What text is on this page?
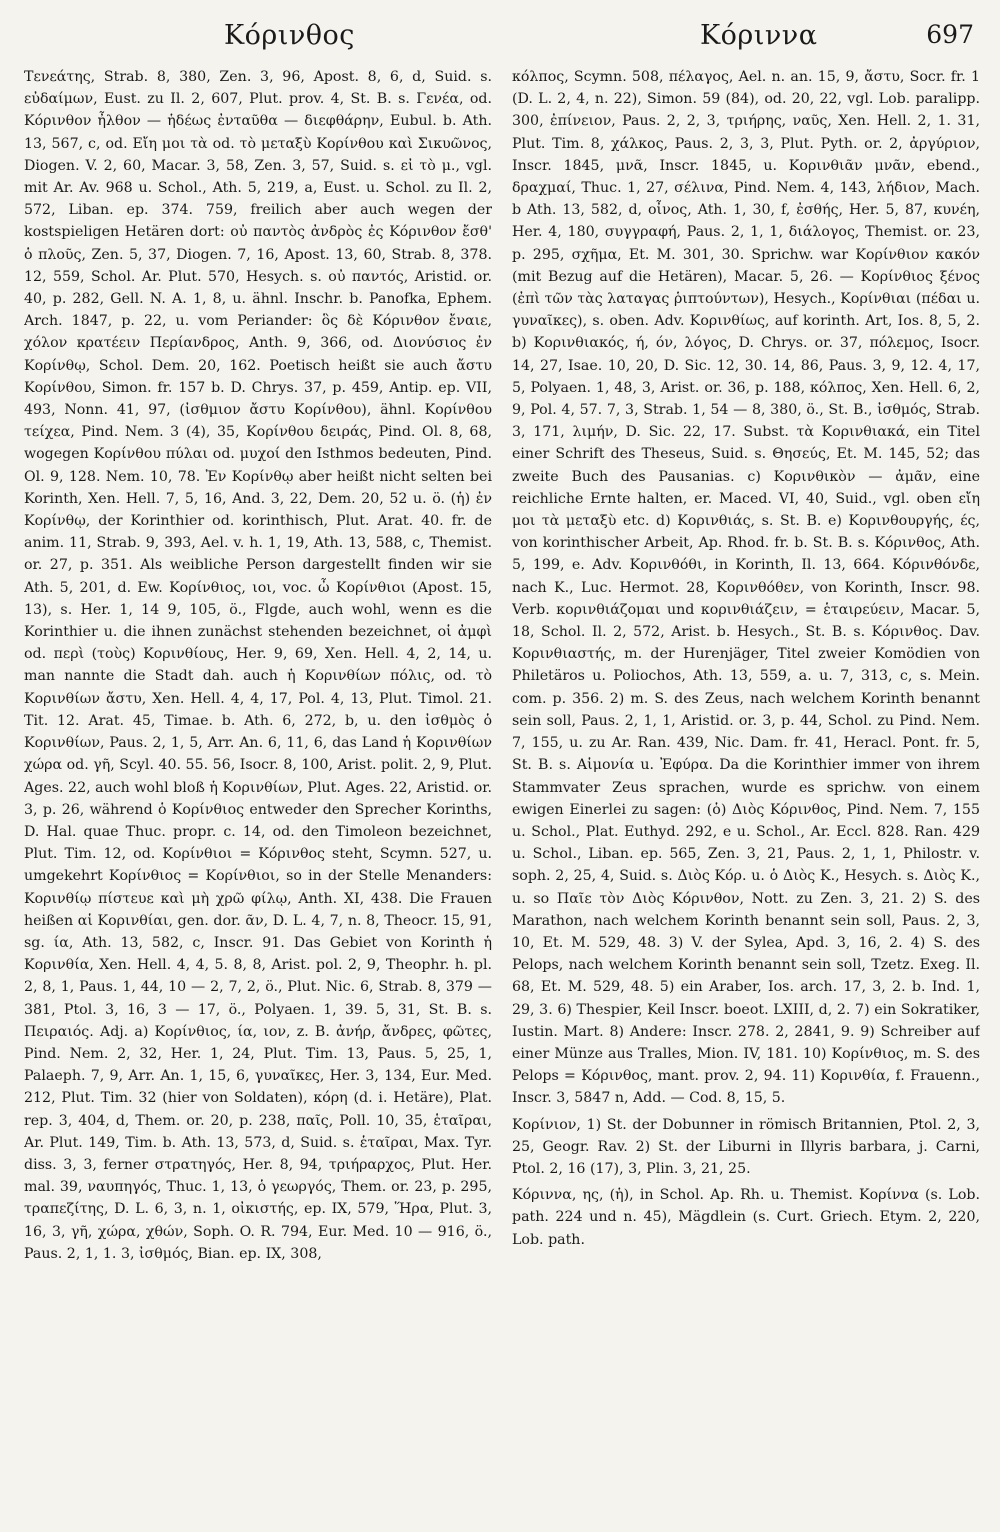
Κόρινθος	Κόριννα	697

Τενεάτης, Strab. 8, 380, Zen. 3, 96, Apost. 8, 6, d, Suid. s. εὐδαίμων, Eust. zu Il. 2, 607, Plut. prov. 4, St. B. s. Γενέα, od. Κόρινθον ἦλθον — ἡδέως ἐνταῦθα — διεφθάρην, Eubul. b. Ath. 13, 567, c, od. Εἴη μοι τὰ od. τὸ μεταξὺ Κορίνθου καὶ Σικυῶνος, Diogen. V. 2, 60, Macar. 3, 58, Zen. 3, 57, Suid. s. εἰ τὸ μ., vgl. mit Ar. Av. 968 u. Schol., Ath. 5, 219, a, Eust. u. Schol. zu Il. 2, 572, Liban. ep. 374. 759, freilich aber auch wegen der kostspieligen Hetären dort: οὐ παντὸς ἀνδρὸς ἐς Κόρινθον ἔσθ' ὁ πλοῦς, Zen. 5, 37, Diogen. 7, 16, Apost. 13, 60, Strab. 8, 378. 12, 559, Schol. Ar. Plut. 570, Hesych. s. οὐ παντός, Aristid. or. 40, p. 282, Gell. N. A. 1, 8, u. ähnl. Inschr. b. Panofka, Ephem. Arch. 1847, p. 22, u. vom Periander: ὃς δὲ Κόρινθον ἔναιε, χόλον κρατέειν Περίανδρος, Anth. 9, 366, od. Διονύσιος ἐν Κορίνθῳ, Schol. Dem. 20, 162. Poetisch heißt sie auch ἄστυ Κορίνθου, Simon. fr. 157 b. D. Chrys. 37, p. 459, Antip. ep. VII, 493, Nonn. 41, 97, (ἰσθμιον ἄστυ Κορίνθου), ähnl. Κορίνθου τείχεα, Pind. Nem. 3 (4), 35, Κορίνθου δειράς, Pind. Ol. 8, 68, wogegen Κορίνθου πύλαι od. μυχοί den Isthmos bedeuten, Pind. Ol. 9, 128. Nem. 10, 78. Ἐν Κορίνθῳ aber heißt nicht selten bei Korinth, Xen. Hell. 7, 5, 16, And. 3, 22, Dem. 20, 52 u. ö. (ἡ) ἐν Κορίνθῳ, der Korinthier od. korinthisch, Plut. Arat. 40. fr. de anim. 11, Strab. 9, 393, Ael. v. h. 1, 19, Ath. 13, 588, c, Themist. or. 27, p. 351. Als weibliche Person dargestellt finden wir sie Ath. 5, 201, d. Ew. Κορίνθιος, ιοι, voc. ὦ Κορίνθιοι (Apost. 15, 13), s. Her. 1, 14 9, 105, ö., Flgde, auch wohl, wenn es die Korinthier u. die ihnen zunächst stehenden bezeichnet, οἱ ἀμφὶ od. περὶ (τοὺς) Κορινθίους, Her. 9, 69, Xen. Hell. 4, 2, 14, u. man nannte die Stadt dah. auch ἡ Κορινθίων πόλις, od. τὸ Κορινθίων ἄστυ, Xen. Hell. 4, 4, 17, Pol. 4, 13, Plut. Timol. 21. Tit. 12. Arat. 45, Timae. b. Ath. 6, 272, b, u. den ἰσθμὸς ὁ Κορινθίων, Paus. 2, 1, 5, Arr. An. 6, 11, 6, das Land ἡ Κορινθίων χώρα od. γῆ, Scyl. 40. 55. 56, Isocr. 8, 100, Arist. polit. 2, 9, Plut. Ages. 22, auch wohl bloß ἡ Κορινθίων, Plut. Ages. 22, Aristid. or. 3, p. 26, während ὁ Κορίνθιος entweder den Sprecher Korinths, D. Hal. quae Thuc. propr. c. 14, od. den Timoleon bezeichnet, Plut. Tim. 12, od. Κορίνθιοι = Κόρινθος steht, Scymn. 527, u. umgekehrt Κορίνθιος = Κορίνθιοι, so in der Stelle Menanders: Κορινθίῳ πίστευε καὶ μὴ χρῶ φίλῳ, Anth. XI, 438. Die Frauen heißen αἱ Κορινθίαι, gen. dor. ᾶν, D. L. 4, 7, n. 8, Theocr. 15, 91, sg. ία, Ath. 13, 582, c, Inscr. 91. Das Gebiet von Korinth ἡ Κορινθία, Xen. Hell. 4, 4, 5. 8, 8, Arist. pol. 2, 9, Theophr. h. pl. 2, 8, 1, Paus. 1, 44, 10 — 2, 7, 2, ö., Plut. Nic. 6, Strab. 8, 379 — 381, Ptol. 3, 16, 3 — 17, ö., Polyaen. 1, 39. 5, 31, St. B. s. Πειραιός. Adj. a) Κορίνθιος, ία, ιον, z. B. ἀνήρ, ἄνδρες, φῶτες, Pind. Nem. 2, 32, Her. 1, 24, Plut. Tim. 13, Paus. 5, 25, 1, Palaeph. 7, 9, Arr. An. 1, 15, 6, γυναῖκες, Her. 3, 134, Eur. Med. 212, Plut. Tim. 32 (hier von Soldaten), κόρη (d. i. Hetäre), Plat. rep. 3, 404, d, Them. or. 20, p. 238, παῖς, Poll. 10, 35, ἑταῖραι, Ar. Plut. 149, Tim. b. Ath. 13, 573, d, Suid. s. ἑταῖραι, Max. Tyr. diss. 3, 3, ferner στρατηγός, Her. 8, 94, τριήραρχος, Plut. Her. mal. 39, ναυπηγός, Thuc. 1, 13, ὁ γεωργός, Them. or. 23, p. 295, τραπεζίτης, D. L. 6, 3, n. 1, οἰκιστής, ep. IX, 579, Ἥρα, Plut. 3, 16, 3, γῆ, χώρα, χθών, Soph. O. R. 794, Eur. Med. 10 — 916, ö., Paus. 2, 1, 1. 3, ἰσθμός, Bian. ep. IX, 308,

κόλπος, Scymn. 508, πέλαγος, Ael. n. an. 15, 9, ἄστυ, Socr. fr. 1 (D. L. 2, 4, n. 22), Simon. 59 (84), od. 20, 22, vgl. Lob. paralipp. 300, ἐπίνειον, Paus. 2, 2, 3, τριήρης, ναῦς, Xen. Hell. 2, 1. 31, Plut. Tim. 8, χάλκος, Paus. 2, 3, 3, Plut. Pyth. or. 2, ἀργύριον, Inscr. 1845, μνᾶ, Inscr. 1845, u. Κορινθιᾶν μνᾶν, ebend., δραχμαί, Thuc. 1, 27, σέλινα, Pind. Nem. 4, 143, λήδιον, Mach. b Ath. 13, 582, d, οἶνος, Ath. 1, 30, f, ἐσθής, Her. 5, 87, κυνέη, Her. 4, 180, συγγραφή, Paus. 2, 1, 1, διάλογος, Themist. or. 23, p. 295, σχῆμα, Et. M. 301, 30. Sprichw. war Κορίνθιον κακόν (mit Bezug auf die Hetären), Macar. 5, 26. — Κορίνθιος ξένος (ἐπὶ τῶν τὰς λαταγας ῥιπτούντων), Hesych., Κορίνθιαι (πέδαι u. γυναῖκες), s. oben. Adv. Κορινθίως, auf korinth. Art, Ios. 8, 5, 2. b) Κορινθιακός, ή, όν, λόγος, D. Chrys. or. 37, πόλεμος, Isocr. 14, 27, Isae. 10, 20, D. Sic. 12, 30. 14, 86, Paus. 3, 9, 12. 4, 17, 5, Polyaen. 1, 48, 3, Arist. or. 36, p. 188, κόλπος, Xen. Hell. 6, 2, 9, Pol. 4, 57. 7, 3, Strab. 1, 54 — 8, 380, ö., St. B., ἰσθμός, Strab. 3, 171, λιμήν, D. Sic. 22, 17. Subst. τὰ Κορινθιακά, ein Titel einer Schrift des Theseus, Suid. s. Θησεύς, Et. M. 145, 52; das zweite Buch des Pausanias. c) Κορινθικὸν — ἀμᾶν, eine reichliche Ernte halten, er. Maced. VI, 40, Suid., vgl. oben εἴη μοι τὰ μεταξὺ etc. d) Κορινθιάς, s. St. B. e) Κορινθουργής, ές, von korinthischer Arbeit, Ap. Rhod. fr. b. St. B. s. Κόρινθος, Ath. 5, 199, e. Adv. Κορινθόθι, in Korinth, Il. 13, 664. Κόρινθόνδε, nach K., Luc. Hermot. 28, Κορινθόθεν, von Korinth, Inscr. 98. Verb. κορινθιάζομαι und κορινθιάζειν, = ἑταιρεύειν, Macar. 5, 18, Schol. Il. 2, 572, Arist. b. Hesych., St. B. s. Κόρινθος. Dav. Κορινθιαστής, m. der Hurenjäger, Titel zweier Komödien von Philetäros u. Poliochos, Ath. 13, 559, a. u. 7, 313, c, s. Mein. com. p. 356. 2) m. S. des Zeus, nach welchem Korinth benannt sein soll, Paus. 2, 1, 1, Aristid. or. 3, p. 44, Schol. zu Pind. Nem. 7, 155, u. zu Ar. Ran. 439, Nic. Dam. fr. 41, Heracl. Pont. fr. 5, St. B. s. Αἱμονία u. Ἐφύρα. Da die Korinthier immer von ihrem Stammvater Zeus sprachen, wurde es sprichw. von einem ewigen Einerlei zu sagen: (ὁ) Διὸς Κόρινθος, Pind. Nem. 7, 155 u. Schol., Plat. Euthyd. 292, e u. Schol., Ar. Eccl. 828. Ran. 429 u. Schol., Liban. ep. 565, Zen. 3, 21, Paus. 2, 1, 1, Philostr. v. soph. 2, 25, 4, Suid. s. Διὸς Κόρ. u. ὁ Διὸς Κ., Hesych. s. Διὸς Κ., u. so Παῖε τὸν Διὸς Κόρινθον, Nott. zu Zen. 3, 21. 2) S. des Marathon, nach welchem Korinth benannt sein soll, Paus. 2, 3, 10, Et. M. 529, 48. 3) V. der Sylea, Apd. 3, 16, 2. 4) S. des Pelops, nach welchem Korinth benannt sein soll, Tzetz. Exeg. Il. 68, Et. M. 529, 48. 5) ein Araber, Ios. arch. 17, 3, 2. b. Ind. 1, 29, 3. 6) Thespier, Keil Inscr. boeot. LXIII, d, 2. 7) ein Sokratiker, Iustin. Mart. 8) Andere: Inscr. 278. 2, 2841, 9. 9) Schreiber auf einer Münze aus Tralles, Mion. IV, 181. 10) Κορίνθιος, m. S. des Pelops = Κόρινθος, mant. prov. 2, 94. 11) Κορινθία, f. Frauenn., Inscr. 3, 5847 n, Add. — Cod. 8, 15, 5.

Κορίνιον, 1) St. der Dobunner in römisch Britannien, Ptol. 2, 3, 25, Geogr. Rav. 2) St. der Liburni in Illyris barbara, j. Carni, Ptol. 2, 16 (17), 3, Plin. 3, 21, 25.

Κόριννα, ης, (ἡ), in Schol. Ap. Rh. u. Themist. Κορίννα (s. Lob. path. 224 und n. 45), Mägdlein (s. Curt. Griech. Etym. 2, 220, Lob. path.
